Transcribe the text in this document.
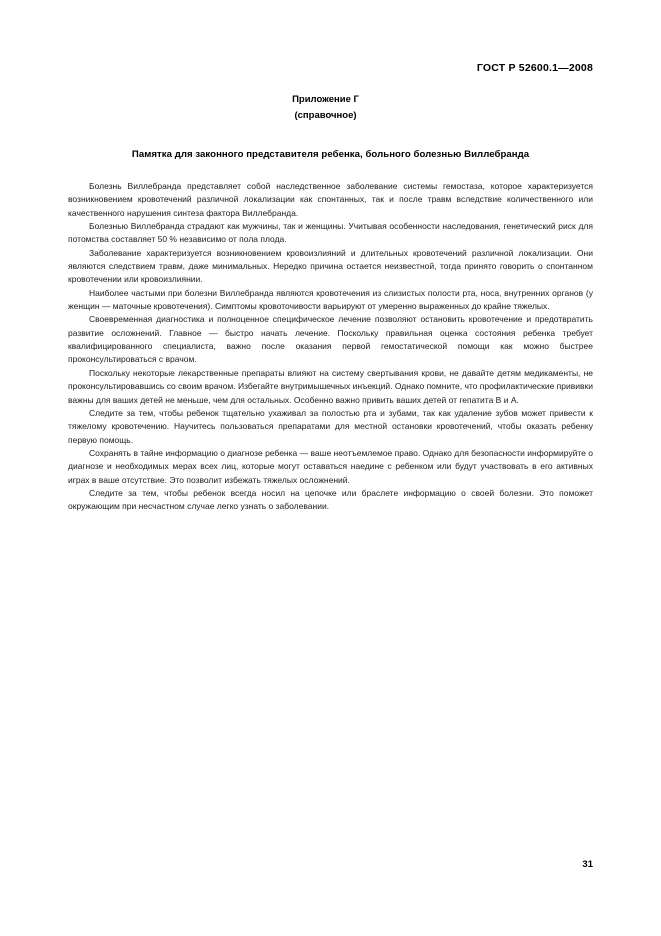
ГОСТ Р 52600.1—2008
Приложение Г
(справочное)
Памятка для законного представителя ребенка, больного болезнью Виллебранда

Болезнь Виллебранда представляет собой наследственное заболевание системы гемостаза, которое характеризуется возникновением кровотечений различной локализации как спонтанных, так и после травм вследствие количественного или качественного нарушения синтеза фактора Виллебранда.

Болезнью Виллебранда страдают как мужчины, так и женщины. Учитывая особенности наследования, генетический риск для потомства составляет 50 % независимо от пола плода.

Заболевание характеризуется возникновением кровоизлияний и длительных кровотечений различной локализации. Они являются следствием травм, даже минимальных. Нередко причина остается неизвестной, тогда принято говорить о спонтанном кровотечении или кровоизлиянии.

Наиболее частыми при болезни Виллебранда являются кровотечения из слизистых полости рта, носа, внутренних органов (у женщин — маточные кровотечения). Симптомы кровоточивости варьируют от умеренно выраженных до крайне тяжелых.

Своевременная диагностика и полноценное специфическое лечение позволяют остановить кровотечение и предотвратить развитие осложнений. Главное — быстро начать лечение. Поскольку правильная оценка состояния ребенка требует квалифицированного специалиста, важно после оказания первой гемостатической помощи как можно быстрее проконсультироваться с врачом.

Поскольку некоторые лекарственные препараты влияют на систему свертывания крови, не давайте детям медикаменты, не проконсультировавшись со своим врачом. Избегайте внутримышечных инъекций. Однако помните, что профилактические прививки важны для ваших детей не меньше, чем для остальных. Особенно важно привить ваших детей от гепатита В и А.

Следите за тем, чтобы ребенок тщательно ухаживал за полостью рта и зубами, так как удаление зубов может привести к тяжелому кровотечению. Научитесь пользоваться препаратами для местной остановки кровотечений, чтобы оказать ребенку первую помощь.

Сохранять в тайне информацию о диагнозе ребенка — ваше неотъемлемое право. Однако для безопасности информируйте о диагнозе и необходимых мерах всех лиц, которые могут оставаться наедине с ребенком или будут участвовать в его активных играх в ваше отсутствие. Это позволит избежать тяжелых осложнений.

Следите за тем, чтобы ребенок всегда носил на цепочке или браслете информацию о своей болезни. Это поможет окружающим при несчастном случае легко узнать о заболевании.

31
